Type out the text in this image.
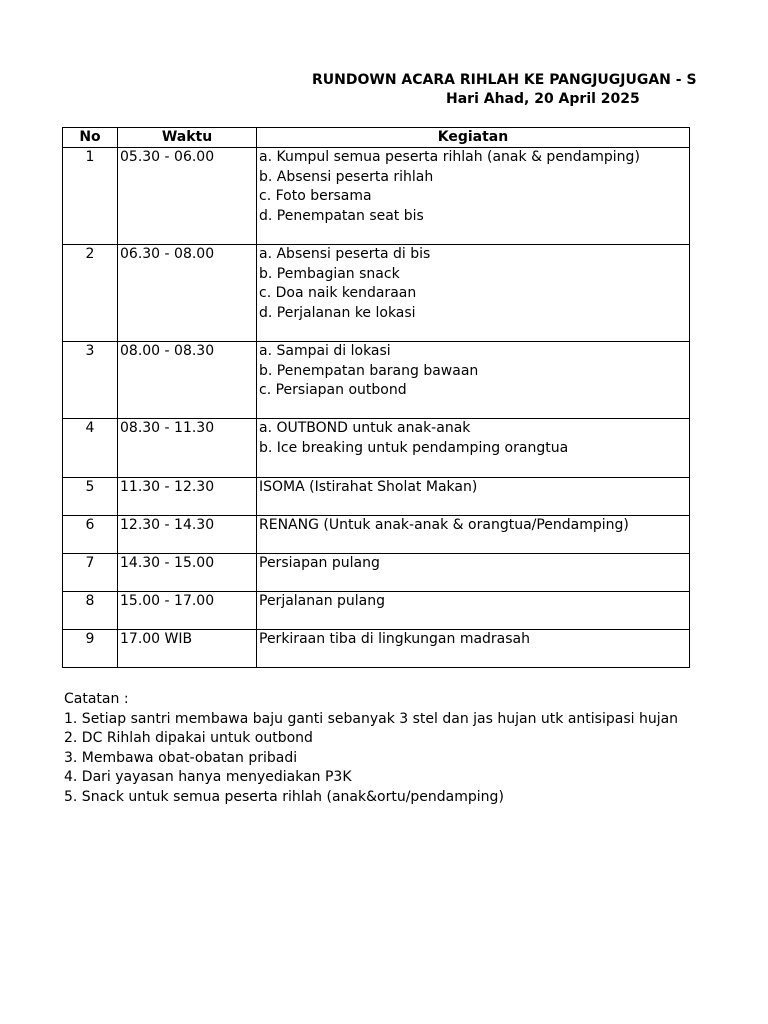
RUNDOWN ACARA RIHLAH KE PANGJUGJUGAN - S
Hari Ahad, 20 April 2025
No	Waktu	Kegiatan
1	05.30 - 06.00	a. Kumpul semua peserta rihlah (anak & pendamping)
b. Absensi peserta rihlah
c. Foto bersama
d. Penempatan seat bis

2	06.30 - 08.00	a. Absensi peserta di bis
b. Pembagian snack
c. Doa naik kendaraan
d. Perjalanan ke lokasi

3	08.00 - 08.30	a. Sampai di lokasi
b. Penempatan barang bawaan
c. Persiapan outbond

4	08.30 - 11.30	a. OUTBOND untuk anak-anak
b. Ice breaking untuk pendamping orangtua

5	11.30 - 12.30	ISOMA (Istirahat Sholat Makan)

6	12.30 - 14.30	RENANG (Untuk anak-anak & orangtua/Pendamping)

7	14.30 - 15.00	Persiapan pulang

8	15.00 - 17.00	Perjalanan pulang

9	17.00 WIB	Perkiraan tiba di lingkungan madrasah
Catatan :
1. Setiap santri membawa baju ganti sebanyak 3 stel dan jas hujan utk antisipasi hujan
2. DC Rihlah dipakai untuk outbond
3. Membawa obat-obatan pribadi
4. Dari yayasan hanya menyediakan P3K
5. Snack untuk semua peserta rihlah (anak&ortu/pendamping)
